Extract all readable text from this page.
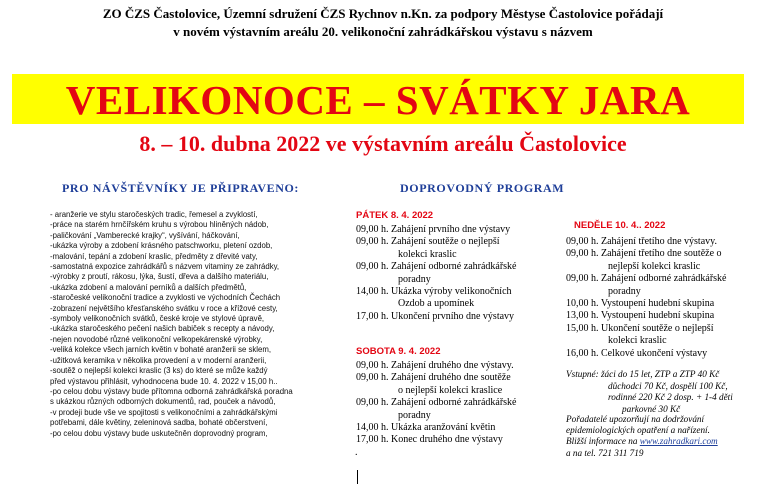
ZO ČZS Častolovice, Územní sdružení ČZS Rychnov n.Kn. za podpory Městyse Častolovice pořádají
v novém výstavním areálu 20. velikonoční zahrádkářskou výstavu s názvem
VELIKONOCE – SVÁTKY JARA
8. – 10. dubna 2022 ve výstavním areálu Častolovice
PRO NÁVŠTĚVNÍKY JE PŘIPRAVENO:	DOPROVODNÝ PROGRAM
- aranžerie ve stylu staročeských tradic, řemesel a zvyklostí,
-práce na starém hrnčířském kruhu s výrobou hliněných nádob,
-paličkování „Vamberecké krajky“, vyšívání, háčkování,
-ukázka výroby a zdobení krásného patschworku, pletení ozdob,
-malování, tepání a zdobení kraslic, předměty z dřevité vaty,
-samostatná expozice zahrádkářů s názvem vitaminy ze zahrádky,
-výrobky z proutí, rákosu, lýka, šustí, dřeva a dalšího materiálu,
-ukázka zdobení a malování perníků a dalších předmětů,
-staročeské velikonoční tradice a zvyklosti ve východních Čechách
-zobrazení největšího křesťanského svátku v roce a křížové cesty,
-symboly velikonočních svátků, české kroje ve stylové úpravě,
-ukázka staročeského pečení našich babiček s recepty a návody,
-nejen novodobé různé velikonoční velkopekárenské výrobky,
-veliká kolekce všech jarních květin v bohaté aranžerii se sklem,
-užitková keramika v několika provedení a v moderní aranžerii,
-soutěž o nejlepší kolekci kraslic (3 ks) do které se může každý
před výstavou přihlásit, vyhodnocena bude 10. 4. 2022 v 15,00 h..
-po celou dobu výstavy bude přítomna odborná zahrádkářská poradna
s ukázkou různých odborných dokumentů, rad, pouček a návodů,
-v prodeji bude vše ve spojitosti s velikonočními a zahrádkářskými
potřebami, dále květiny, zeleninová sadba, bohaté občerstvení,
-po celou dobu výstavy bude uskutečněn doprovodný program,
PÁTEK 8. 4. 2022
09,00 h. Zahájení prvního dne výstavy
09,00 h. Zahájení soutěže o nejlepší
kolekci kraslic
09,00 h. Zahájení odborné zahrádkářské
poradny
14,00 h. Ukázka výroby velikonočních
Ozdob a upomínek
17,00 h. Ukončení prvního dne výstavy
SOBOTA 9. 4. 2022
09,00 h. Zahájení druhého dne výstavy.
09,00 h. Zahájení druhého dne soutěže
o nejlepší kolekci kraslice
09,00 h. Zahájení odborné zahrádkářské
poradny
14,00 h. Ukázka aranžování květin
17,00 h. Konec druhého dne výstavy
NEDĚLE 10. 4.. 2022
09,00 h. Zahájení třetího dne výstavy.
09,00 h. Zahájení třetího dne soutěže o
nejlepší kolekci kraslic
09,00 h. Zahájení odborné zahrádkářské
poradny
10,00 h. Vystoupení hudební skupina
13,00 h. Vystoupení hudební skupina
15,00 h. Ukončení soutěže o nejlepší
kolekci kraslic
16,00 h. Celkové ukončení výstavy
Vstupné: žáci do 15 let, ZTP a ZTP 40 Kč
důchodci 70 Kč, dospělí 100 Kč,
rodinné 220 Kč 2 dosp. + 1-4 děti
parkovné 30 Kč
Pořadatelé upozorňují na dodržování
epidemiologických opatření a nařízení.
Bližší informace na www.zahradkari.com
a na tel. 721 311 719
.
